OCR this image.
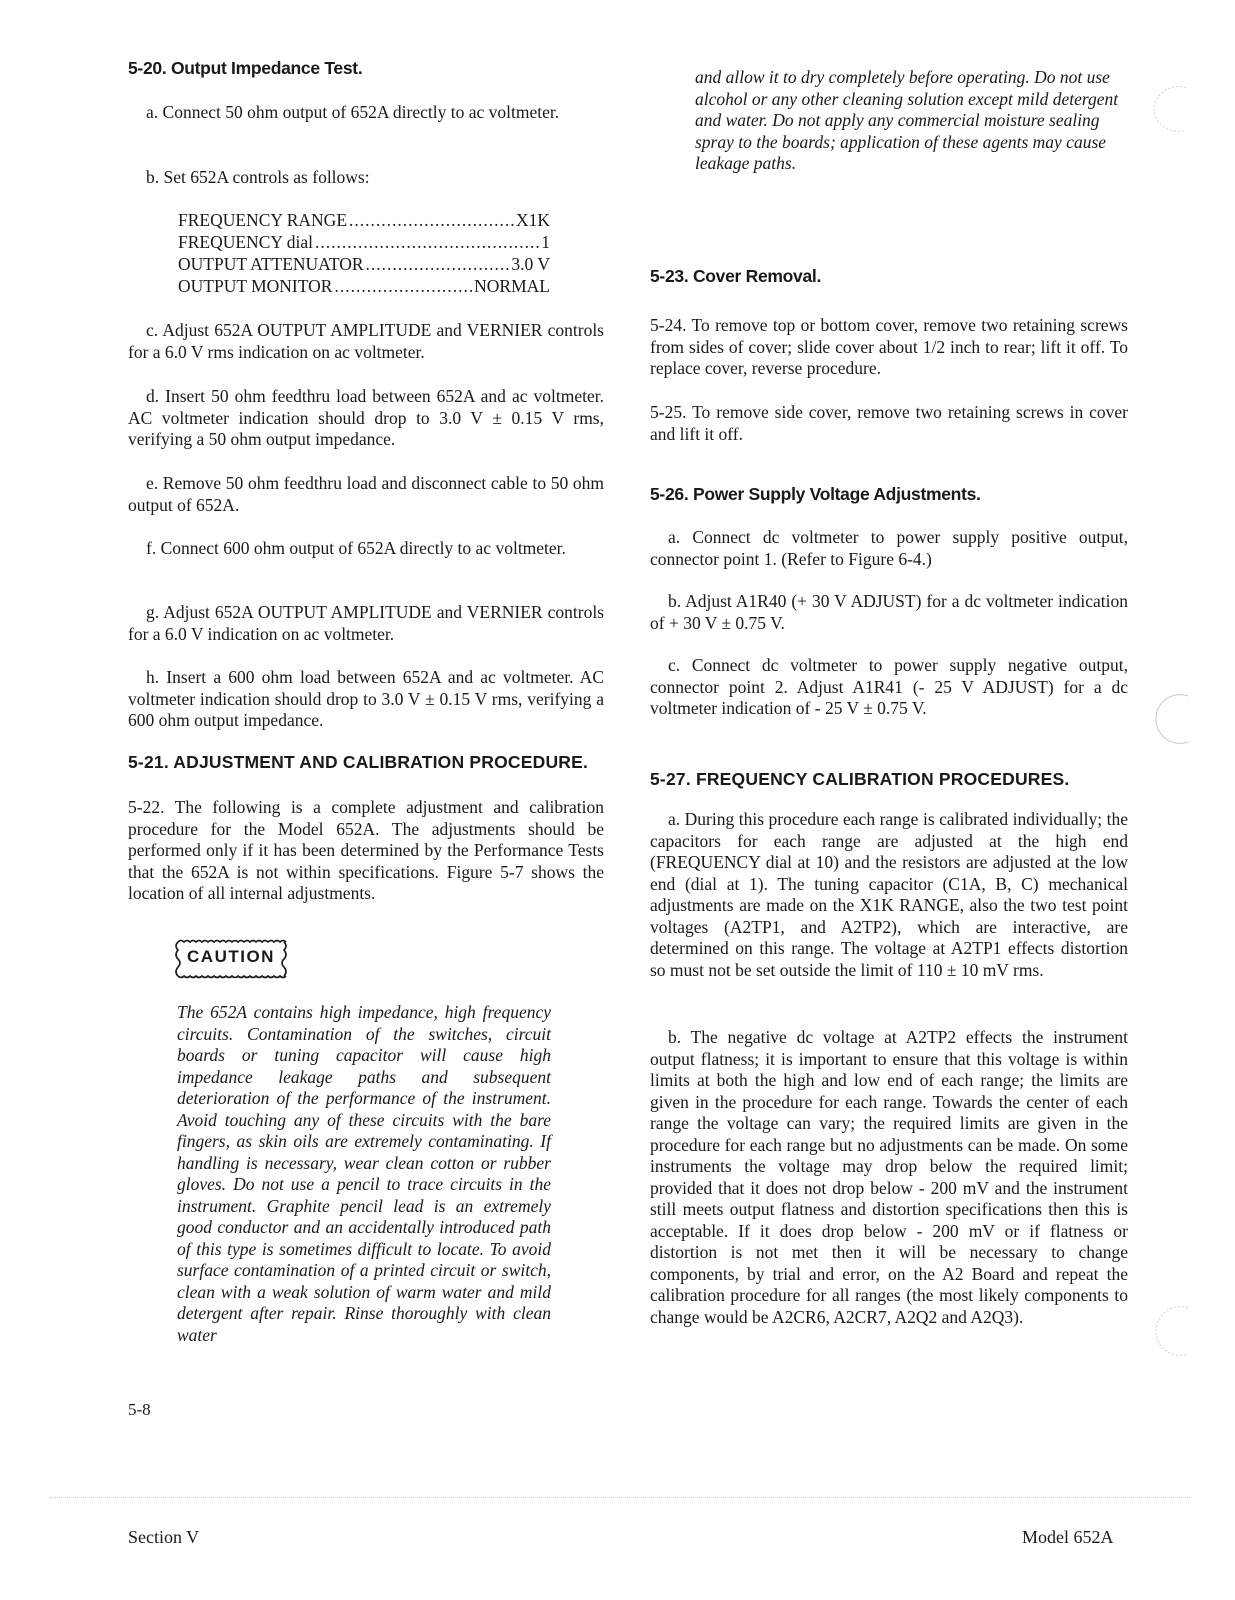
5-20. Output Impedance Test.

a. Connect 50 ohm output of 652A directly to ac voltmeter.

b. Set 652A controls as follows:

FREQUENCY RANGE .....	X1K
FREQUENCY dial .....	1
OUTPUT ATTENUATOR .....	3.0 V
OUTPUT MONITOR .....	NORMAL

c. Adjust 652A OUTPUT AMPLITUDE and VERNIER controls for a 6.0 V rms indication on ac voltmeter.

d. Insert 50 ohm feedthru load between 652A and ac voltmeter. AC voltmeter indication should drop to 3.0 V ± 0.15 V rms, verifying a 50 ohm output impedance.

e. Remove 50 ohm feedthru load and disconnect cable to 50 ohm output of 652A.

f. Connect 600 ohm output of 652A directly to ac voltmeter.

g. Adjust 652A OUTPUT AMPLITUDE and VERNIER controls for a 6.0 V indication on ac voltmeter.

h. Insert a 600 ohm load between 652A and ac voltmeter. AC voltmeter indication should drop to 3.0 V ± 0.15 V rms, verifying a 600 ohm output impedance.

5-21. ADJUSTMENT AND CALIBRATION PROCEDURE.

5-22. The following is a complete adjustment and calibration procedure for the Model 652A. The adjustments should be performed only if it has been determined by the Performance Tests that the 652A is not within specifications. Figure 5-7 shows the location of all internal adjustments.

CAUTION

The 652A contains high impedance, high frequency circuits. Contamination of the switches, circuit boards or tuning capacitor will cause high impedance leakage paths and subsequent deterioration of the performance of the instrument. Avoid touching any of these circuits with the bare fingers, as skin oils are extremely contaminating. If handling is necessary, wear clean cotton or rubber gloves. Do not use a pencil to trace circuits in the instrument. Graphite pencil lead is an extremely good conductor and an accidentally introduced path of this type is sometimes difficult to locate. To avoid surface contamination of a printed circuit or switch, clean with a weak solution of warm water and mild detergent after repair. Rinse thoroughly with clean water

and allow it to dry completely before operating. Do not use alcohol or any other cleaning solution except mild detergent and water. Do not apply any commercial moisture sealing spray to the boards; application of these agents may cause leakage paths.

5-23. Cover Removal.

5-24. To remove top or bottom cover, remove two retaining screws from sides of cover; slide cover about 1/2 inch to rear; lift it off. To replace cover, reverse procedure.

5-25. To remove side cover, remove two retaining screws in cover and lift it off.

5-26. Power Supply Voltage Adjustments.

a. Connect dc voltmeter to power supply positive output, connector point 1. (Refer to Figure 6-4.)

b. Adjust A1R40 (+ 30 V ADJUST) for a dc voltmeter indication of + 30 V ± 0.75 V.

c. Connect dc voltmeter to power supply negative output, connector point 2. Adjust A1R41 (- 25 V ADJUST) for a dc voltmeter indication of - 25 V ± 0.75 V.

5-27. FREQUENCY CALIBRATION PROCEDURES.

a. During this procedure each range is calibrated individually; the capacitors for each range are adjusted at the high end (FREQUENCY dial at 10) and the resistors are adjusted at the low end (dial at 1). The tuning capacitor (C1A, B, C) mechanical adjustments are made on the X1K RANGE, also the two test point voltages (A2TP1, and A2TP2), which are interactive, are determined on this range. The voltage at A2TP1 effects distortion so must not be set outside the limit of 110 ± 10 mV rms.

b. The negative dc voltage at A2TP2 effects the instrument output flatness; it is important to ensure that this voltage is within limits at both the high and low end of each range; the limits are given in the procedure for each range. Towards the center of each range the voltage can vary; the required limits are given in the procedure for each range but no adjustments can be made. On some instruments the voltage may drop below the required limit; provided that it does not drop below - 200 mV and the instrument still meets output flatness and distortion specifications then this is acceptable. If it does drop below - 200 mV or if flatness or distortion is not met then it will be necessary to change components, by trial and error, on the A2 Board and repeat the calibration procedure for all ranges (the most likely components to change would be A2CR6, A2CR7, A2Q2 and A2Q3).

5-8
Section V	Model 652A
